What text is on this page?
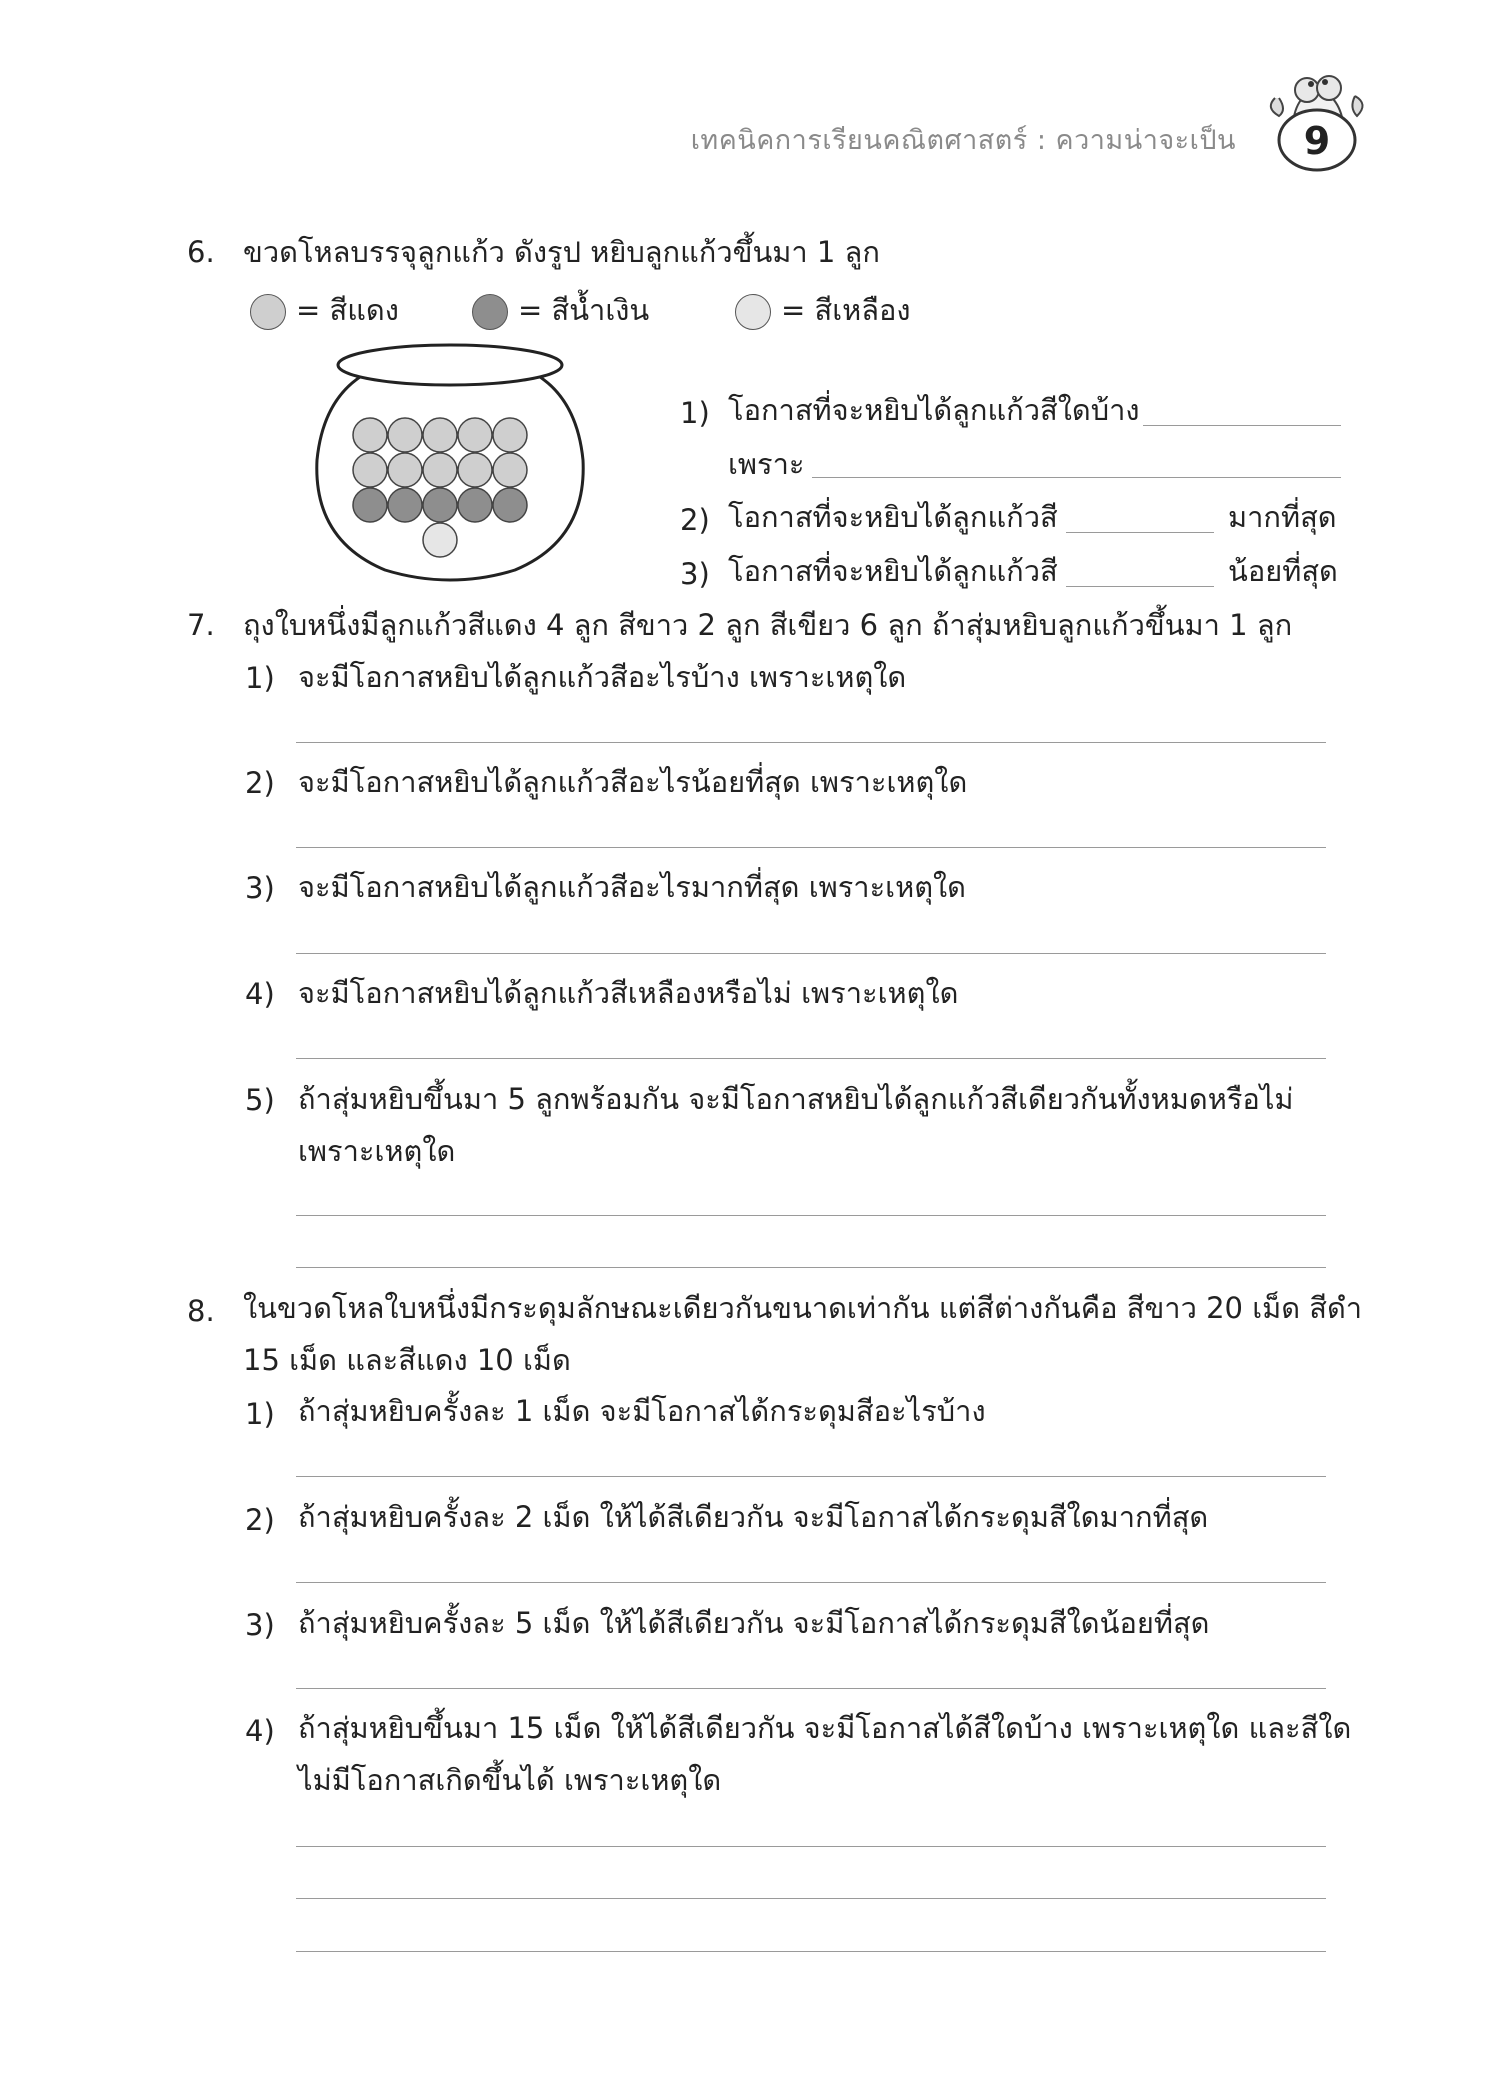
เทคนิคการเรียนคณิตศาสตร์ : ความน่าจะเป็น 9
6. ขวดโหลบรรจุลูกแก้ว ดังรูป หยิบลูกแก้วขึ้นมา 1 ลูก
= สีแดง	= สีน้ำเงิน	= สีเหลือง
1) โอกาสที่จะหยิบได้ลูกแก้วสีใดบ้าง
เพราะ
2) โอกาสที่จะหยิบได้ลูกแก้วสี	มากที่สุด
3) โอกาสที่จะหยิบได้ลูกแก้วสี	น้อยที่สุด
7. ถุงใบหนึ่งมีลูกแก้วสีแดง 4 ลูก สีขาว 2 ลูก สีเขียว 6 ลูก ถ้าสุ่มหยิบลูกแก้วขึ้นมา 1 ลูก
1) จะมีโอกาสหยิบได้ลูกแก้วสีอะไรบ้าง เพราะเหตุใด
2) จะมีโอกาสหยิบได้ลูกแก้วสีอะไรน้อยที่สุด เพราะเหตุใด
3) จะมีโอกาสหยิบได้ลูกแก้วสีอะไรมากที่สุด เพราะเหตุใด
4) จะมีโอกาสหยิบได้ลูกแก้วสีเหลืองหรือไม่ เพราะเหตุใด
5) ถ้าสุ่มหยิบขึ้นมา 5 ลูกพร้อมกัน จะมีโอกาสหยิบได้ลูกแก้วสีเดียวกันทั้งหมดหรือไม่
เพราะเหตุใด
8. ในขวดโหลใบหนึ่งมีกระดุมลักษณะเดียวกันขนาดเท่ากัน แต่สีต่างกันคือ สีขาว 20 เม็ด สีดำ
15 เม็ด และสีแดง 10 เม็ด
1) ถ้าสุ่มหยิบครั้งละ 1 เม็ด จะมีโอกาสได้กระดุมสีอะไรบ้าง
2) ถ้าสุ่มหยิบครั้งละ 2 เม็ด ให้ได้สีเดียวกัน จะมีโอกาสได้กระดุมสีใดมากที่สุด
3) ถ้าสุ่มหยิบครั้งละ 5 เม็ด ให้ได้สีเดียวกัน จะมีโอกาสได้กระดุมสีใดน้อยที่สุด
4) ถ้าสุ่มหยิบขึ้นมา 15 เม็ด ให้ได้สีเดียวกัน จะมีโอกาสได้สีใดบ้าง เพราะเหตุใด และสีใด
ไม่มีโอกาสเกิดขึ้นได้ เพราะเหตุใด
